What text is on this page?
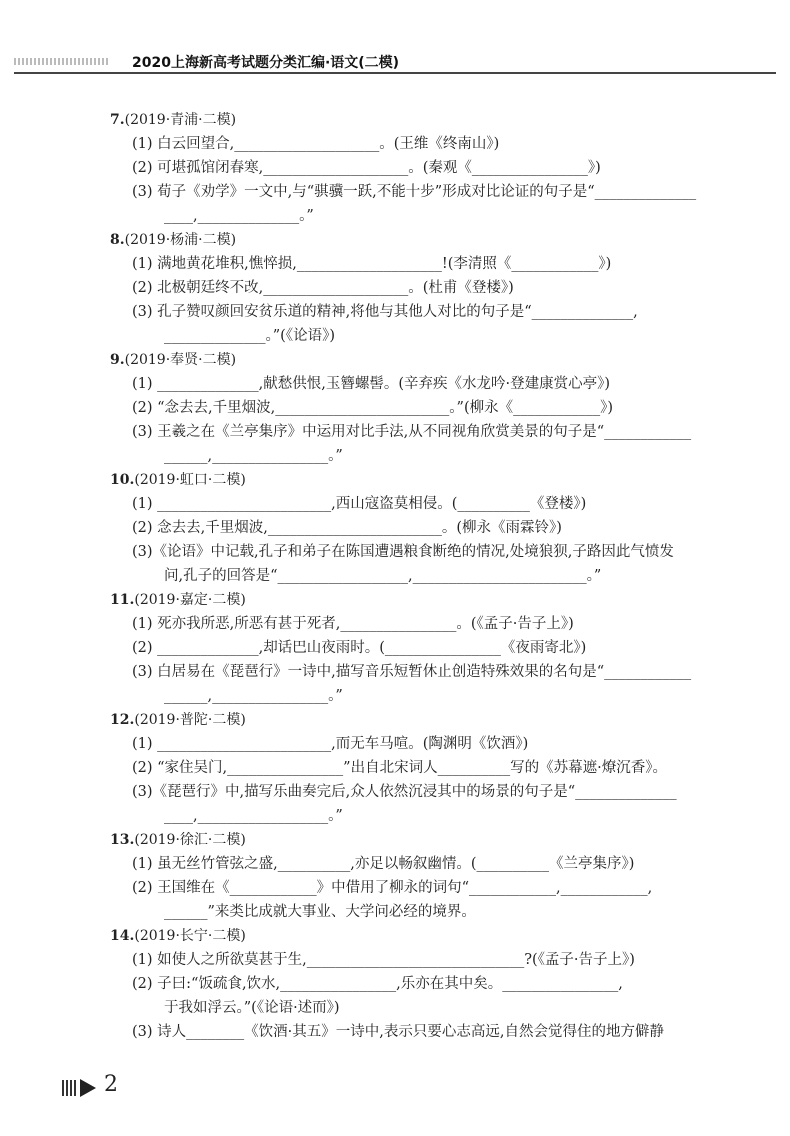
2020上海新高考试题分类汇编·语文(二模)
7.(2019·青浦·二模)
(1) 白云回望合,____________________。(王维《终南山》)
(2) 可堪孤馆闭春寒,____________________。(秦观《________________》)
(3) 荀子《劝学》一文中,与“骐骥一跃,不能十步”形成对比论证的句子是“______________
____,______________。”
8.(2019·杨浦·二模)
(1) 满地黄花堆积,憔悴损,____________________!(李清照《____________》)
(2) 北极朝廷终不改,____________________。(杜甫《登楼》)
(3) 孔子赞叹颜回安贫乐道的精神,将他与其他人对比的句子是“______________,
______________。”(《论语》)
9.(2019·奉贤·二模)
(1) ______________,献愁供恨,玉簪螺髻。(辛弃疾《水龙吟·登建康赏心亭》)
(2) “念去去,千里烟波,________________________。”(柳永《____________》)
(3) 王羲之在《兰亭集序》中运用对比手法,从不同视角欣赏美景的句子是“____________
______,________________。”
10.(2019·虹口·二模)
(1) ________________________,西山寇盗莫相侵。(__________《登楼》)
(2) 念去去,千里烟波,________________________。(柳永《雨霖铃》)
(3)《论语》中记载,孔子和弟子在陈国遭遇粮食断绝的情况,处境狼狈,子路因此气愤发
问,孔子的回答是“__________________,________________________。”
11.(2019·嘉定·二模)
(1) 死亦我所恶,所恶有甚于死者,________________。(《孟子·告子上》)
(2) ______________,却话巴山夜雨时。(________________《夜雨寄北》)
(3) 白居易在《琵琶行》一诗中,描写音乐短暂休止创造特殊效果的名句是“____________
______,________________。”
12.(2019·普陀·二模)
(1) ________________________,而无车马喧。(陶渊明《饮酒》)
(2) “家住吴门,________________”出自北宋词人__________写的《苏幕遮·燎沉香》。
(3)《琵琶行》中,描写乐曲奏完后,众人依然沉浸其中的场景的句子是“______________
____,__________________。”
13.(2019·徐汇·二模)
(1) 虽无丝竹管弦之盛,__________,亦足以畅叙幽情。(__________《兰亭集序》)
(2) 王国维在《____________》中借用了柳永的词句“____________,____________,
______”来类比成就大事业、大学问必经的境界。
14.(2019·长宁·二模)
(1) 如使人之所欲莫甚于生,______________________________?(《孟子·告子上》)
(2) 子曰:“饭疏食,饮水,________________,乐亦在其中矣。________________,
于我如浮云。”(《论语·述而》)
(3) 诗人________《饮酒·其五》一诗中,表示只要心志高远,自然会觉得住的地方僻静
2
